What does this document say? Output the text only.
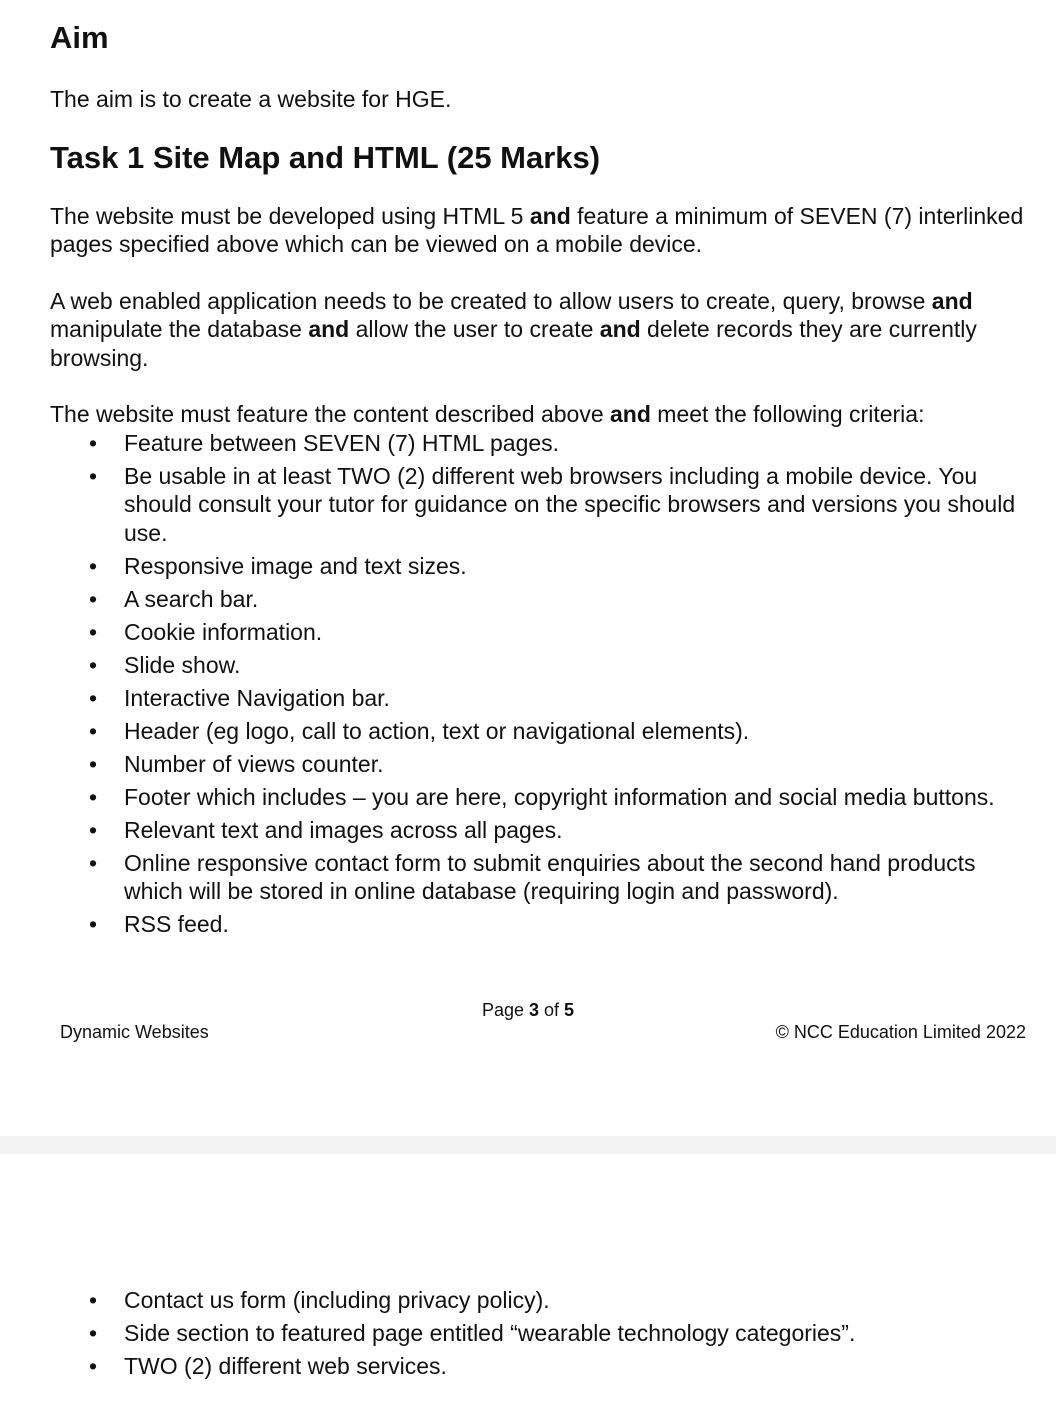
Aim

The aim is to create a website for HGE.

Task 1 Site Map and HTML (25 Marks)

The website must be developed using HTML 5 and feature a minimum of SEVEN (7) interlinked pages specified above which can be viewed on a mobile device.

A web enabled application needs to be created to allow users to create, query, browse and manipulate the database and allow the user to create and delete records they are currently browsing.

The website must feature the content described above and meet the following criteria:

• Feature between SEVEN (7) HTML pages.
• Be usable in at least TWO (2) different web browsers including a mobile device. You should consult your tutor for guidance on the specific browsers and versions you should use.
• Responsive image and text sizes.
• A search bar.
• Cookie information.
• Slide show.
• Interactive Navigation bar.
• Header (eg logo, call to action, text or navigational elements).
• Number of views counter.
• Footer which includes – you are here, copyright information and social media buttons.
• Relevant text and images across all pages.
• Online responsive contact form to submit enquiries about the second hand products which will be stored in online database (requiring login and password).
• RSS feed.
Page 3 of 5
Dynamic Websites	© NCC Education Limited 2022
• Contact us form (including privacy policy).
• Side section to featured page entitled “wearable technology categories”.
• TWO (2) different web services.
